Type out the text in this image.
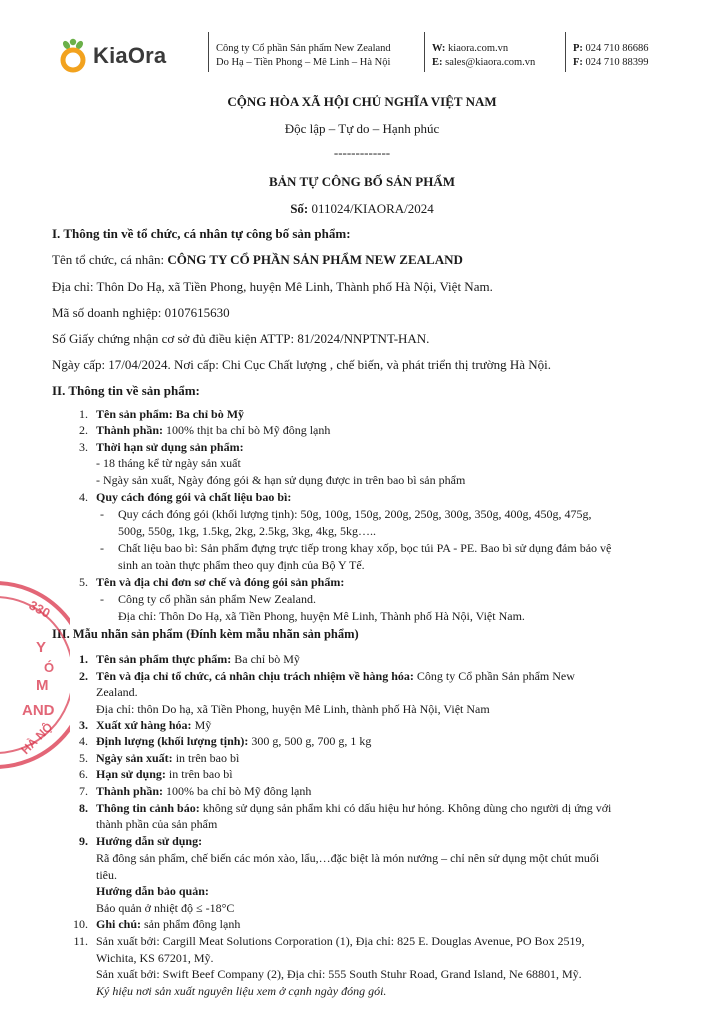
KiaOra	Công ty Cổ phần Sản phẩm New Zealand
Do Hạ – Tiền Phong – Mê Linh – Hà Nội
W: kiaora.com.vn
E: sales@kiaora.com.vn
P: 024 710 86686
F: 024 710 88399
CỘNG HÒA XÃ HỘI CHỦ NGHĨA VIỆT NAM
Độc lập – Tự do – Hạnh phúc
-------------
BẢN TỰ CÔNG BỐ SẢN PHẨM
Số: 011024/KIAORA/2024
I. Thông tin về tổ chức, cá nhân tự công bố sản phẩm:
Tên tổ chức, cá nhân: CÔNG TY CỔ PHẦN SẢN PHẨM NEW ZEALAND
Địa chỉ: Thôn Do Hạ, xã Tiền Phong, huyện Mê Linh, Thành phố Hà Nội, Việt Nam.
Mã số doanh nghiệp: 0107615630
Số Giấy chứng nhận cơ sở đủ điều kiện ATTP: 81/2024/NNPTNT-HAN.
Ngày cấp: 17/04/2024. Nơi cấp: Chi Cục Chất lượng , chế biến, và phát triển thị trường Hà Nội.
II. Thông tin về sản phẩm:
1. Tên sản phẩm: Ba chỉ bò Mỹ
2. Thành phần: 100% thịt ba chỉ bò Mỹ đông lạnh
3. Thời hạn sử dụng sản phẩm:
- 18 tháng kể từ ngày sản xuất
- Ngày sản xuất, Ngày đóng gói & hạn sử dụng được in trên bao bì sản phẩm
4. Quy cách đóng gói và chất liệu bao bì:
- Quy cách đóng gói (khối lượng tịnh): 50g, 100g, 150g, 200g, 250g, 300g, 350g, 400g, 450g, 475g,
500g, 550g, 1kg, 1.5kg, 2kg, 2.5kg, 3kg, 4kg, 5kg…..
- Chất liệu bao bì: Sản phẩm đựng trực tiếp trong khay xốp, bọc túi PA - PE. Bao bì sử dụng đảm bảo vệ
sinh an toàn thực phẩm theo quy định của Bộ Y Tế.
5. Tên và địa chỉ đơn sơ chế và đóng gói sản phẩm:
- Công ty cổ phần sản phẩm New Zealand.
Địa chỉ: Thôn Do Hạ, xã Tiền Phong, huyện Mê Linh, Thành phố Hà Nội, Việt Nam.
III. Mẫu nhãn sản phẩm (Đính kèm mẫu nhãn sản phẩm)
1. Tên sản phẩm thực phẩm: Ba chỉ bò Mỹ
2. Tên và địa chỉ tổ chức, cá nhân chịu trách nhiệm về hàng hóa: Công ty Cổ phần Sản phẩm New
Zealand.
Địa chỉ: thôn Do hạ, xã Tiền Phong, huyện Mê Linh, thành phố Hà Nội, Việt Nam
3. Xuất xứ hàng hóa: Mỹ
4. Định lượng (khối lượng tịnh): 300 g, 500 g, 700 g, 1 kg
5. Ngày sản xuất: in trên bao bì
6. Hạn sử dụng: in trên bao bì
7. Thành phần: 100% ba chỉ bò Mỹ đông lạnh
8. Thông tin cảnh báo: không sử dụng sản phẩm khi có dấu hiệu hư hỏng. Không dùng cho người dị ứng với
thành phần của sản phẩm
9. Hướng dẫn sử dụng:
Rã đông sản phẩm, chế biến các món xào, lẩu,…đặc biệt là món nướng – chỉ nên sử dụng một chút muối
tiêu.
Hướng dẫn bảo quản:
Bảo quản ở nhiệt độ ≤ -18°C
10. Ghi chú: sản phẩm đông lạnh
11. Sản xuất bởi: Cargill Meat Solutions Corporation (1), Địa chỉ: 825 E. Douglas Avenue, PO Box 2519,
Wichita, KS 67201, Mỹ.
Sản xuất bởi: Swift Beef Company (2), Địa chỉ: 555 South Stuhr Road, Grand Island, Ne 68801, Mỹ.
Ký hiệu nơi sản xuất nguyên liệu xem ở cạnh ngày đóng gói.
330
Y
M
AND
Ó
HÀ NỘ
